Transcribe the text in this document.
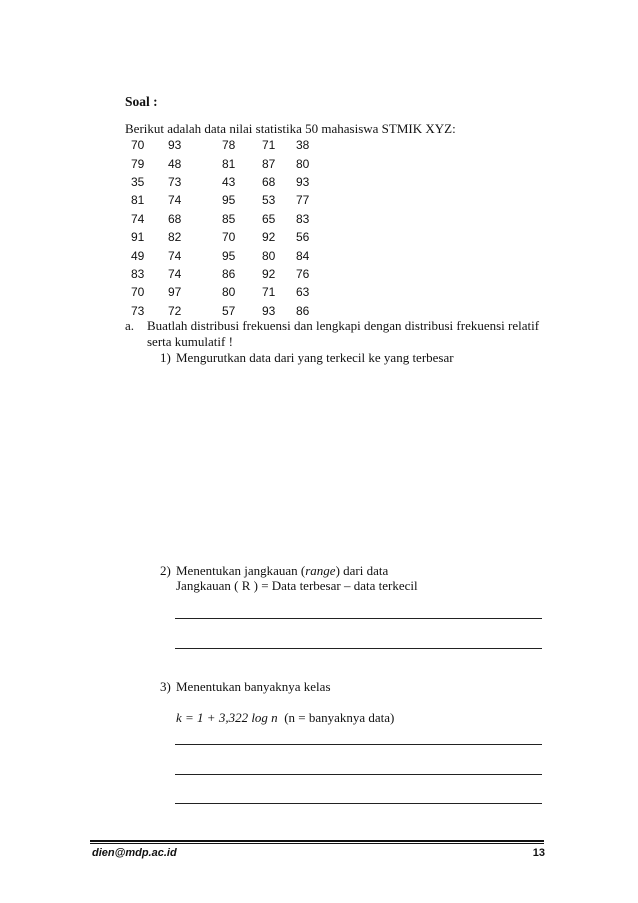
Soal :
Berikut adalah data nilai statistika 50 mahasiswa STMIK XYZ:
70	93	78	71	38
79	48	81	87	80
35	73	43	68	93
81	74	95	53	77
74	68	85	65	83
91	82	70	92	56
49	74	95	80	84
83	74	86	92	76
70	97	80	71	63
73	72	57	93	86
a. Buatlah distribusi frekuensi dan lengkapi dengan distribusi frekuensi relatif
serta kumulatif !
1) Mengurutkan data dari yang terkecil ke yang terbesar
2) Menentukan jangkauan (range) dari data
Jangkauan ( R ) = Data terbesar – data terkecil
3) Menentukan banyaknya kelas
k = 1 + 3,322 log n (n = banyaknya data)
dien@mdp.ac.id	13
